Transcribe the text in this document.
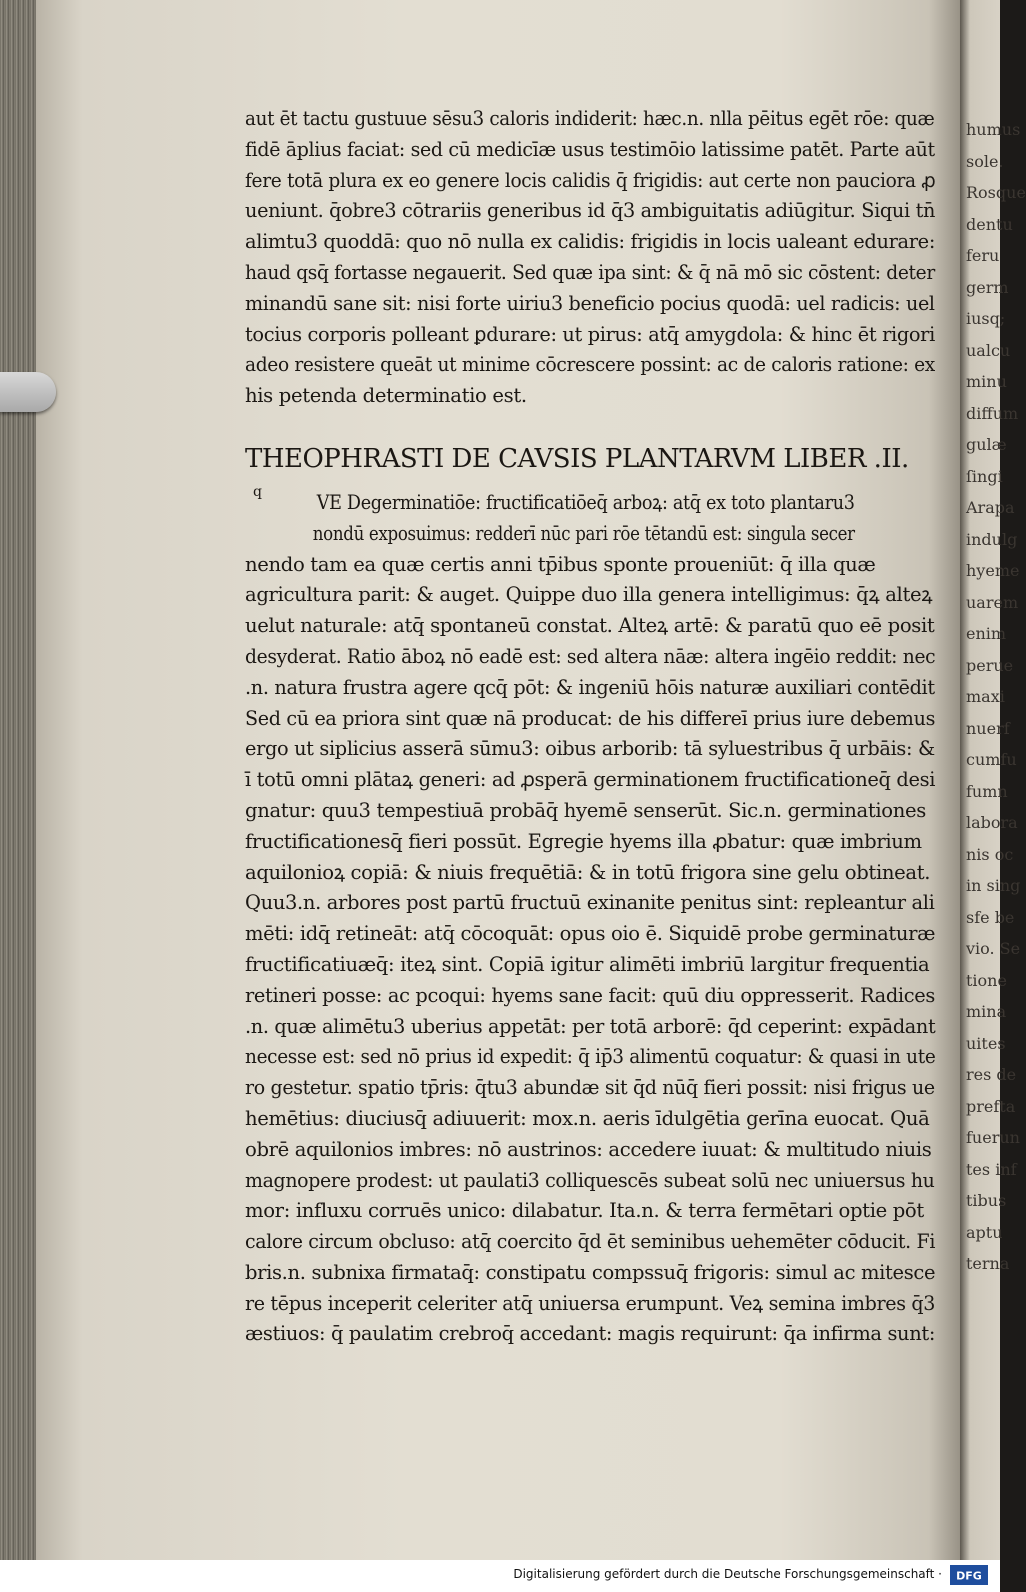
humus
sole.
Rosque
dentu
feru
germ
iusq;
ualcu
minu
diffum
gulæ
ſingi
Arapa
indulg
hyeme
uarem
enim
perue
maxi
nuerf
cumfu
fumn
labora
nis oc
in sing
sfe be
vio. Se
tione
mina
uites
res de
prefta
fuerun
tes inf
tibus
aptu
terna
q
aut ēt tactu gustuue sēsu3 caloris indiderit: hæc.n. nlla pēitus egēt rōe: quæ
fidē āplius faciat: sed cū medicīæ usus testimōio latissime patēt. Parte aūt
fere totā plura ex eo genere locis calidis q̄ frigidis: aut certe non pauciora ꝓ
ueniunt. q̄obre3 cōtrariis generibus id q̄3 ambiguitatis adiūgitur. Siqui tn̄
alimtu3 quoddā: quo nō nulla ex calidis: frigidis in locis ualeant edurare:
haud qsq̄ fortasse negauerit. Sed quæ ipa sint: & q̄ nā mō sic cōstent: deter
minandū sane sit: nisi forte uiriu3 beneficio pocius quodā: uel radicis: uel
tocius corporis polleant ꝑdurare: ut pirus: atq̄ amygdola: & hinc ēt rigori
adeo resistere queāt ut minime cōcrescere possint: ac de caloris ratione: ex
his petenda determinatio est.
THEOPHRASTI DE CAVSIS PLANTARVM LIBER .II.
VE Degerminatiōe: fructificatiōeq̄ arboꝝ: atq̄ ex toto plantaru3
nondū exposuimus: redderī nūc pari rōe tētandū est: singula secer
nendo tam ea quæ certis anni tp̄ibus sponte proueniūt: q̄ illa quæ
agricultura parit: & auget. Quippe duo illa genera intelligimus: q̄ꝝ alteꝝ
uelut naturale: atq̄ spontaneū constat. Alteꝝ artē: & paratū quo eē posit
desyderat. Ratio āboꝝ nō eadē est: sed altera nāæ: altera ingēio reddit: nec
.n. natura frustra agere qcq̄ pōt: & ingeniū hōis naturæ auxiliari contēdit
Sed cū ea priora sint quæ nā producat: de his differeī prius iure debemus
ergo ut siplicius asserā sūmu3: oibus arborib: tā syluestribus q̄ urbāis: &
ī totū omni plātaꝝ generi: ad ꝓsperā germinationem fructificationeq̄ desi
gnatur: quu3 tempestiuā probāq̄ hyemē senserūt. Sic.n. germinationes
fructificationesq̄ fieri possūt. Egregie hyems illa ꝓbatur: quæ imbrium
aquilonioꝝ copiā: & niuis frequētiā: & in totū frigora sine gelu obtineat.
Quu3.n. arbores post partū fructuū exinanite penitus sint: repleantur ali
mēti: idq̄ retineāt: atq̄ cōcoquāt: opus oio ē. Siquidē probe germinaturæ
fructificatiuæq̄: iteꝝ sint. Copiā igitur alimēti imbriū largitur frequentia
retineri posse: ac pcoqui: hyems sane facit: quū diu oppresserit. Radices
.n. quæ alimētu3 uberius appetāt: per totā arborē: q̄d ceperint: expādant
necesse est: sed nō prius id expedit: q̄ ip̄3 alimentū coquatur: & quasi in ute
ro gestetur. spatio tp̄ris: q̄tu3 abundæ sit q̄d nūq̄ fieri possit: nisi frigus ue
hemētius: diuciusq̄ adiuuerit: mox.n. aeris īdulgētia gerīna euocat. Quā
obrē aquilonios imbres: nō austrinos: accedere iuuat: & multitudo niuis
magnopere prodest: ut paulati3 colliquescēs subeat solū nec uniuersus hu
mor: influxu corruēs unico: dilabatur. Ita.n. & terra fermētari optie pōt
calore circum obcluso: atq̄ coercito q̄d ēt seminibus uehemēter cōducit. Fi
bris.n. subnixa firmataq̄: constipatu compssuq̄ frigoris: simul ac mitesce
re tēpus inceperit celeriter atq̄ uniuersa erumpunt. Veꝝ semina imbres q̄3
æstiuos: q̄ paulatim crebroq̄ accedant: magis requirunt: q̄a infirma sunt:
Digitalisierung gefördert durch die Deutsche Forschungsgemeinschaft · DFG
